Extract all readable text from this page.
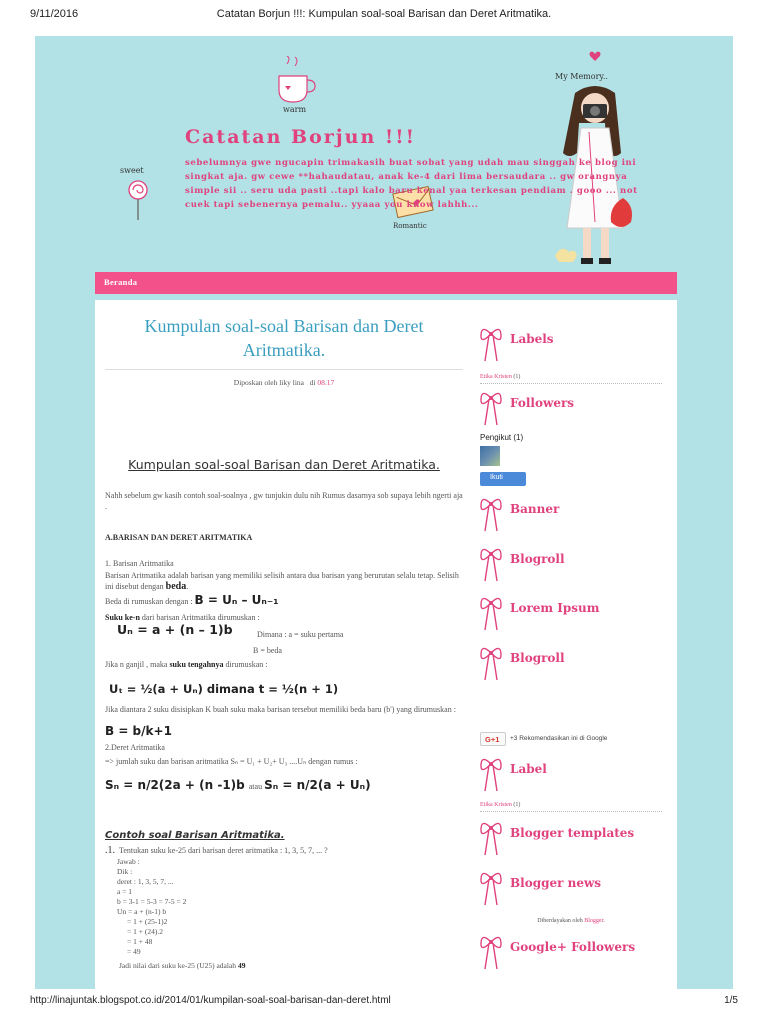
9/11/2016	Catatan Borjun !!!: Kumpulan soal-soal Barisan dan Deret Aritmatika.
warm
sweet
Romantic
My Memory..
Catatan Borjun !!!
sebelumnya gwe ngucapin trimakasih buat sobat yang udah mau singgah ke blog ini singkat aja. gw cewe **hahaudatau, anak ke-4 dari lima bersaudara .. gw orangnya simple sii .. seru uda pasti ..tapi kalo baru kenal yaa terkesan pendiam . gooo ... not cuek tapi sebenernya pemalu.. yyaaa you know lahhh...
Beranda
Kumpulan soal-soal Barisan dan Deret Aritmatika.
Diposkan oleh liky lina di 08.17
Kumpulan soal-soal Barisan dan Deret Aritmatika.
Nahh sebelum gw kasih contoh soal-soalnya , gw tunjukin dulu nih Rumus dasarnya sob supaya lebih ngerti aja .
A.BARISAN DAN DERET ARITMATIKA
1. Barisan Aritmatika
Barisan Aritmatika adalah barisan yang memiliki selisih antara dua barisan yang berurutan selalu tetap. Selisih ini disebut dengan beda.
Beda di rumuskan dengan : B = Uₙ – Uₙ₋₁
Suku ke-n dari barisan Aritmatika dirumuskan :
Uₙ = a + (n – 1)b	Dimana : a = suku pertama
B = beda
Jika n ganjil , maka suku tengahnya dirumuskan :
Uₜ = ½(a + Uₙ) dimana t = ½(n + 1)
Jika diantara 2 suku disisipkan K buah suku maka barisan tersebut memiliki beda baru (b') yang dirumuskan :
B = b/k+1
2.Deret Aritmatika
=> jumlah suku dan barisan aritmatika Sₙ = U₁ + U₂+ U₃ ....Uₙ dengan rumus :
Sₙ = n/2(2a + (n -1)b atau Sₙ = n/2(a + Uₙ)
Contoh soal Barisan Aritmatika.
.1. Tentukan suku ke-25 dari barisan deret aritmatika : 1, 3, 5, 7, ... ?
Jawab :
Dik :
deret : 1, 3, 5, 7, ...
a = 1
b = 3-1 = 5-3 = 7-5 = 2
Un = a + (n-1) b
= 1 + (25-1)2
= 1 + (24).2
= 1 + 48
= 49
Jadi nilai dari suku ke-25 (U25) adalah 49
Labels
Etika Kristen (1)
Followers
Pengikut (1)
Ikuti
Banner
Blogroll
Lorem Ipsum
Blogroll
G+1	+3 Rekomendasikan ini di Google
Label
Etika Kristen (1)
Blogger templates
Blogger news
Diberdayakan oleh Blogger.
Google+ Followers
http://linajuntak.blogspot.co.id/2014/01/kumpilan-soal-soal-barisan-dan-deret.html	1/5
